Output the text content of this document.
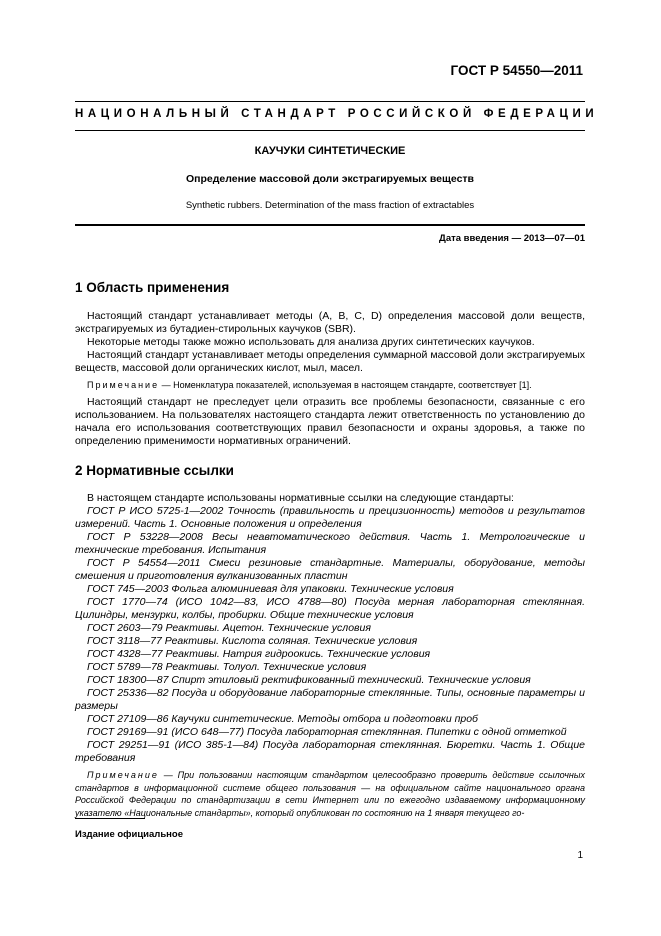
ГОСТ Р 54550—2011
НАЦИОНАЛЬНЫЙ СТАНДАРТ РОССИЙСКОЙ ФЕДЕРАЦИИ
КАУЧУКИ СИНТЕТИЧЕСКИЕ
Определение массовой доли экстрагируемых веществ
Synthetic rubbers. Determination of the mass fraction of extractables
Дата введения — 2013—07—01
1 Область применения

Настоящий стандарт устанавливает методы (A, B, C, D) определения массовой доли веществ, экстрагируемых из бутадиен-стирольных каучуков (SBR).

Некоторые методы также можно использовать для анализа других синтетических каучуков.

Настоящий стандарт устанавливает методы определения суммарной массовой доли экстрагируемых веществ, массовой доли органических кислот, мыл, масел.

Примечание — Номенклатура показателей, используемая в настоящем стандарте, соответствует [1].

Настоящий стандарт не преследует цели отразить все проблемы безопасности, связанные с его использованием. На пользователях настоящего стандарта лежит ответственность по установлению до начала его использования соответствующих правил безопасности и охраны здоровья, а также по определению применимости нормативных ограничений.

2 Нормативные ссылки

В настоящем стандарте использованы нормативные ссылки на следующие стандарты:

ГОСТ Р ИСО 5725-1—2002 Точность (правильность и прецизионность) методов и результатов измерений. Часть 1. Основные положения и определения

ГОСТ Р 53228—2008 Весы неавтоматического действия. Часть 1. Метрологические и технические требования. Испытания

ГОСТ Р 54554—2011 Смеси резиновые стандартные. Материалы, оборудование, методы смешения и приготовления вулканизованных пластин

ГОСТ 745—2003 Фольга алюминиевая для упаковки. Технические условия

ГОСТ 1770—74 (ИСО 1042—83, ИСО 4788—80) Посуда мерная лабораторная стеклянная. Цилиндры, мензурки, колбы, пробирки. Общие технические условия

ГОСТ 2603—79 Реактивы. Ацетон. Технические условия

ГОСТ 3118—77 Реактивы. Кислота соляная. Технические условия

ГОСТ 4328—77 Реактивы. Натрия гидроокись. Технические условия

ГОСТ 5789—78 Реактивы. Толуол. Технические условия

ГОСТ 18300—87 Спирт этиловый ректификованный технический. Технические условия

ГОСТ 25336—82 Посуда и оборудование лабораторные стеклянные. Типы, основные параметры и размеры

ГОСТ 27109—86 Каучуки синтетические. Методы отбора и подготовки проб

ГОСТ 29169—91 (ИСО 648—77) Посуда лабораторная стеклянная. Пипетки с одной отметкой

ГОСТ 29251—91 (ИСО 385-1—84) Посуда лабораторная стеклянная. Бюретки. Часть 1. Общие требования

Примечание — При пользовании настоящим стандартом целесообразно проверить действие ссылочных стандартов в информационной системе общего пользования — на официальном сайте национального органа Российской Федерации по стандартизации в сети Интернет или по ежегодно издаваемому информационному указателю «Национальные стандарты», который опубликован по состоянию на 1 января текущего го-

Издание официальное
1
